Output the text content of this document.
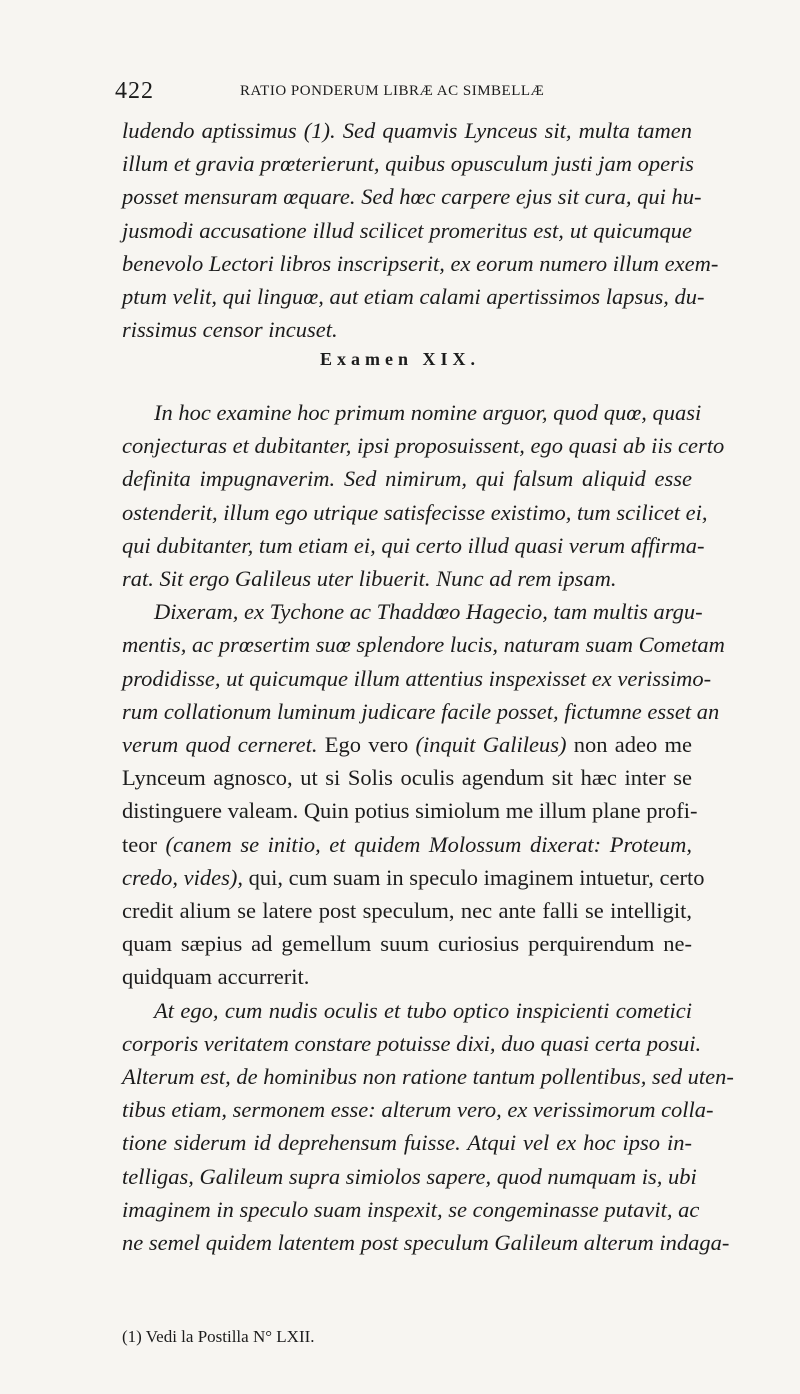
422	RATIO PONDERUM LIBRÆ AC SIMBELLÆ
ludendo aptissimus (1). Sed quamvis Lynceus sit, multa tamen
illum et gravia prœterierunt, quibus opusculum justi jam operis
posset mensuram œquare. Sed hœc carpere ejus sit cura, qui hu-
jusmodi accusatione illud scilicet promeritus est, ut quicumque
benevolo Lectori libros inscripserit, ex eorum numero illum exem-
ptum velit, qui linguœ, aut etiam calami apertissimos lapsus, du-
rissimus censor incuset.
Examen XIX.
In hoc examine hoc primum nomine arguor, quod quœ, quasi
conjecturas et dubitanter, ipsi proposuissent, ego quasi ab iis certo
definita impugnaverim. Sed nimirum, qui falsum aliquid esse
ostenderit, illum ego utrique satisfecisse existimo, tum scilicet ei,
qui dubitanter, tum etiam ei, qui certo illud quasi verum affirma-
rat. Sit ergo Galileus uter libuerit. Nunc ad rem ipsam.
Dixeram, ex Tychone ac Thaddœo Hagecio, tam multis argu-
mentis, ac prœsertim suœ splendore lucis, naturam suam Cometam
prodidisse, ut quicumque illum attentius inspexisset ex verissimo-
rum collationum luminum judicare facile posset, fictumne esset an
verum quod cerneret. Ego vero (inquit Galileus) non adeo me
Lynceum agnosco, ut si Solis oculis agendum sit hæc inter se
distinguere valeam. Quin potius simiolum me illum plane profi-
teor (canem se initio, et quidem Molossum dixerat: Proteum,
credo, vides), qui, cum suam in speculo imaginem intuetur, certo
credit alium se latere post speculum, nec ante falli se intelligit,
quam sæpius ad gemellum suum curiosius perquirendum ne-
quidquam accurrerit.
At ego, cum nudis oculis et tubo optico inspicienti cometici
corporis veritatem constare potuisse dixi, duo quasi certa posui.
Alterum est, de hominibus non ratione tantum pollentibus, sed uten-
tibus etiam, sermonem esse: alterum vero, ex verissimorum colla-
tione siderum id deprehensum fuisse. Atqui vel ex hoc ipso in-
telligas, Galileum supra simiolos sapere, quod numquam is, ubi
imaginem in speculo suam inspexit, se congeminasse putavit, ac
ne semel quidem latentem post speculum Galileum alterum indaga-
(1) Vedi la Postilla N° LXII.
